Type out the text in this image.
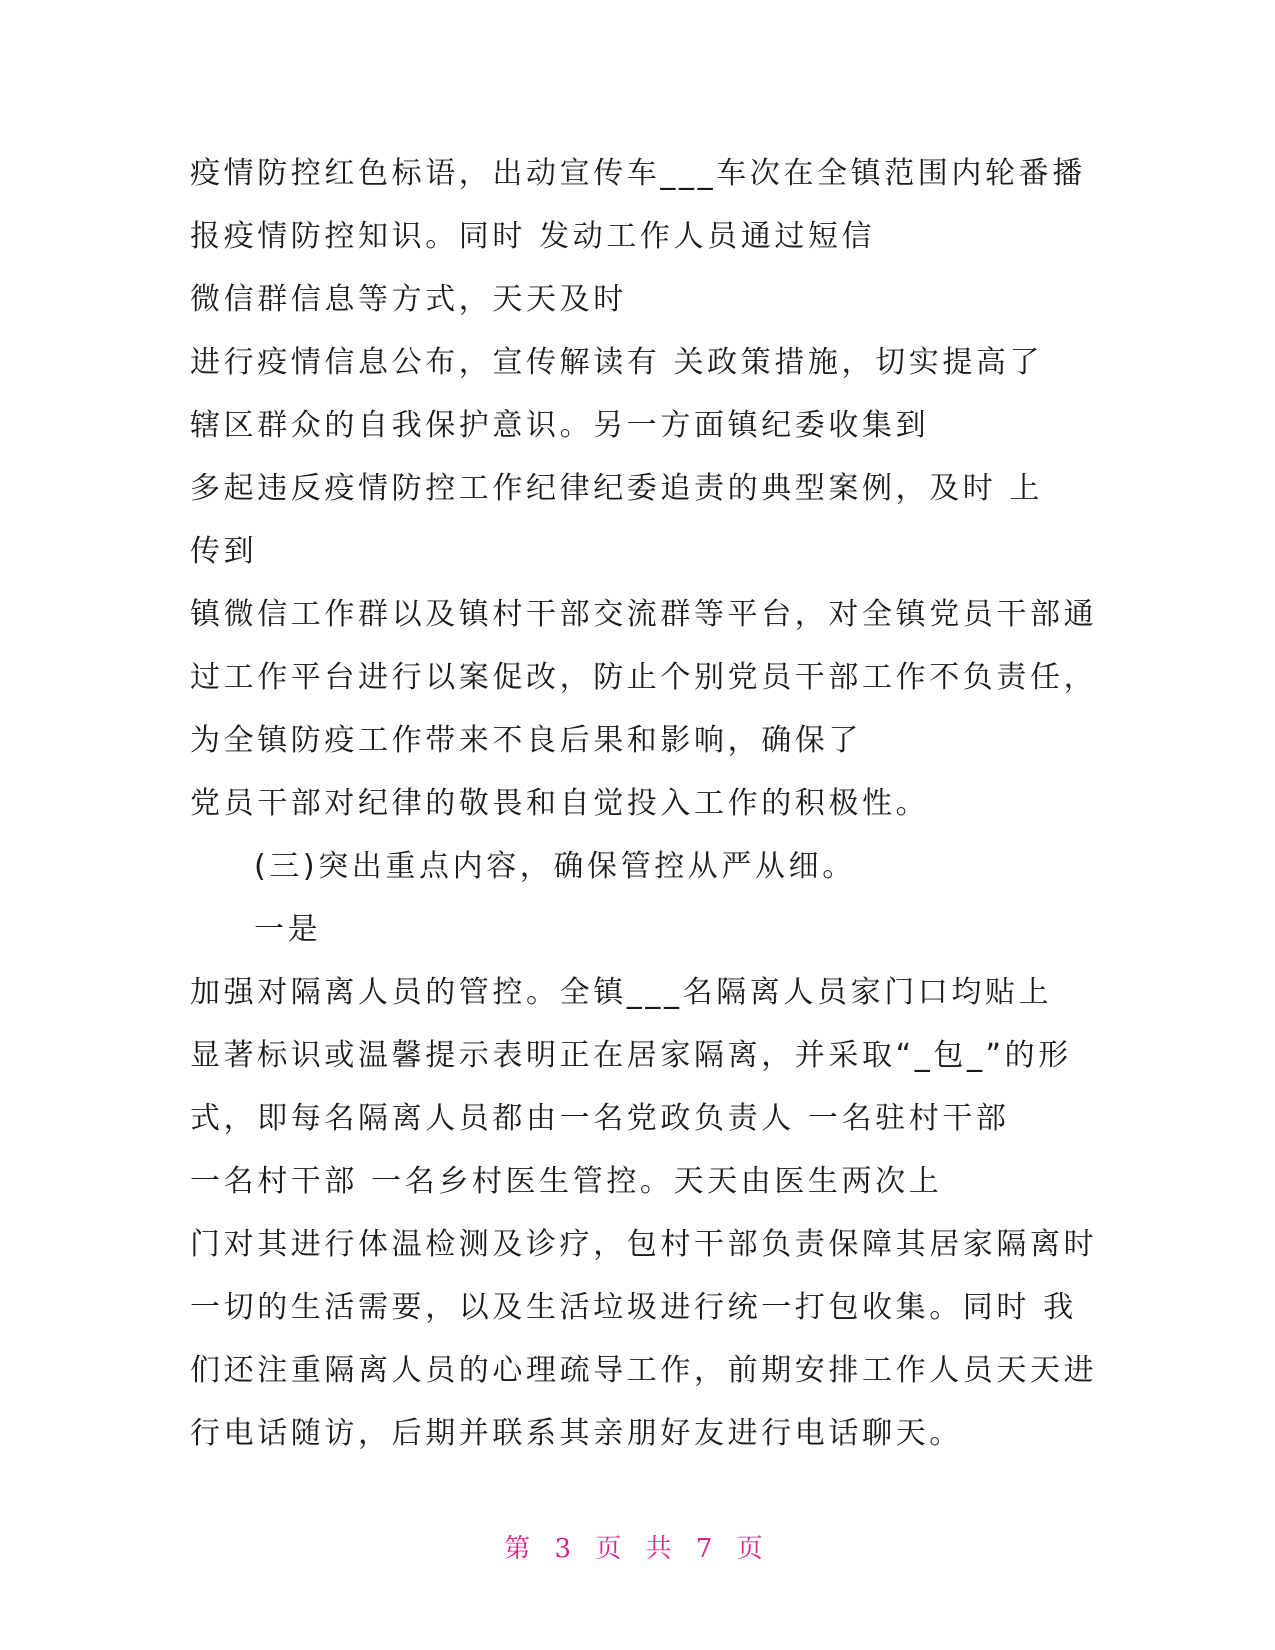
疫情防控红色标语，出动宣传车___车次在全镇范围内轮番播
报疫情防控知识。同时 发动工作人员通过短信
微信群信息等方式，天天及时
进行疫情信息公布，宣传解读有 关政策措施，切实提高了
辖区群众的自我保护意识。另一方面镇纪委收集到
多起违反疫情防控工作纪律纪委追责的典型案例，及时 上
传到
镇微信工作群以及镇村干部交流群等平台，对全镇党员干部通
过工作平台进行以案促改，防止个别党员干部工作不负责任，
为全镇防疫工作带来不良后果和影响，确保了
党员干部对纪律的敬畏和自觉投入工作的积极性。
(三)突出重点内容，确保管控从严从细。
一是
加强对隔离人员的管控。全镇___名隔离人员家门口均贴上
显著标识或温馨提示表明正在居家隔离，并采取“_包_”的形
式，即每名隔离人员都由一名党政负责人 一名驻村干部
一名村干部 一名乡村医生管控。天天由医生两次上
门对其进行体温检测及诊疗，包村干部负责保障其居家隔离时
一切的生活需要，以及生活垃圾进行统一打包收集。同时 我
们还注重隔离人员的心理疏导工作，前期安排工作人员天天进
行电话随访，后期并联系其亲朋好友进行电话聊天。
第 3 页 共 7 页
